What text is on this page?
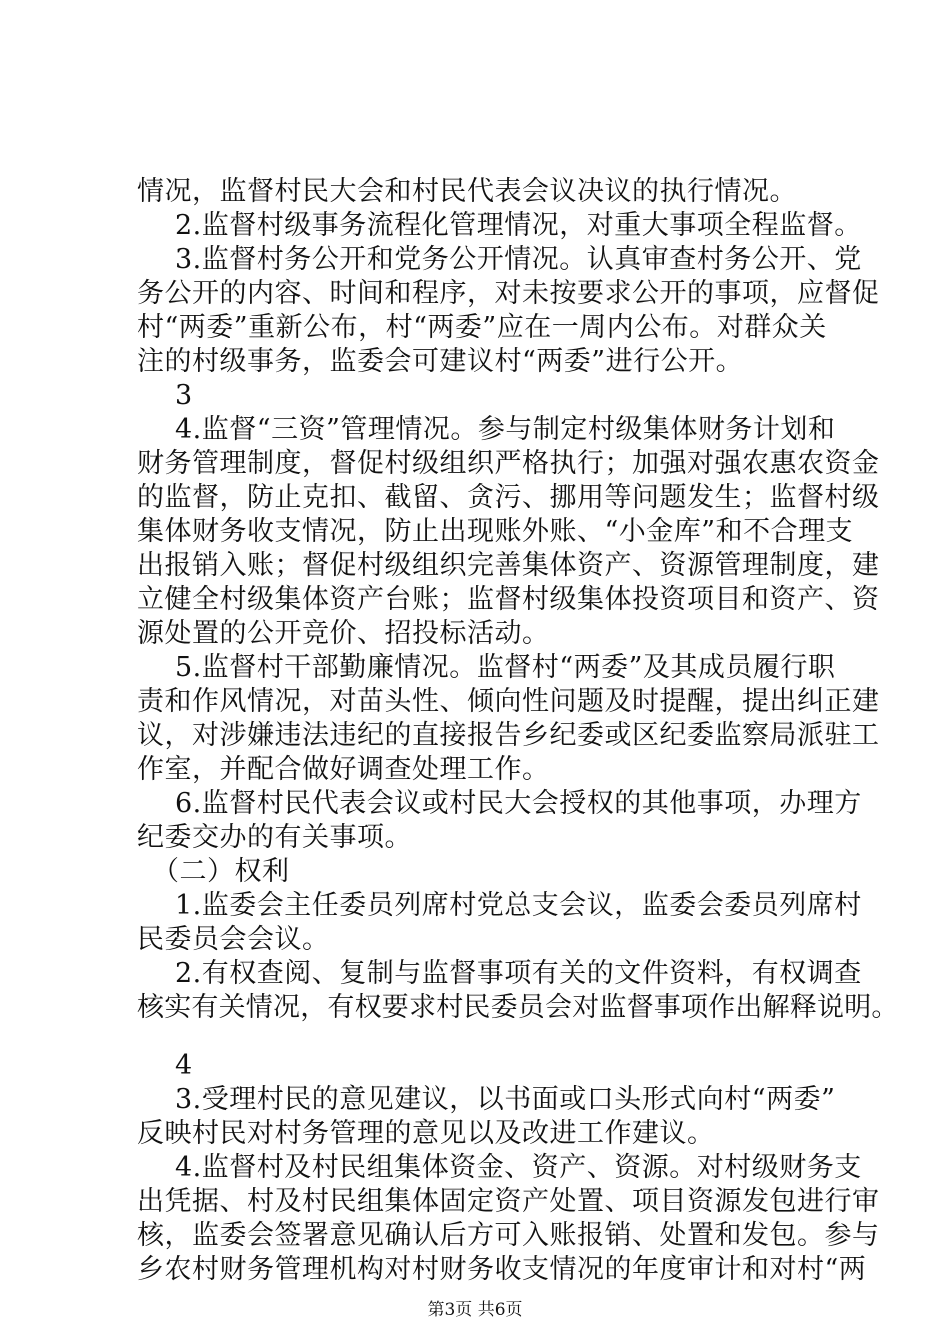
情况，监督村民大会和村民代表会议决议的执行情况。
2.监督村级事务流程化管理情况，对重大事项全程监督。
3.监督村务公开和党务公开情况。认真审查村务公开、党
务公开的内容、时间和程序，对未按要求公开的事项，应督促
村“两委”重新公布，村“两委”应在一周内公布。对群众关
注的村级事务，监委会可建议村“两委”进行公开。
3
4.监督“三资”管理情况。参与制定村级集体财务计划和
财务管理制度，督促村级组织严格执行；加强对强农惠农资金
的监督，防止克扣、截留、贪污、挪用等问题发生；监督村级
集体财务收支情况，防止出现账外账、“小金库”和不合理支
出报销入账；督促村级组织完善集体资产、资源管理制度，建
立健全村级集体资产台账；监督村级集体投资项目和资产、资
源处置的公开竞价、招投标活动。
5.监督村干部勤廉情况。监督村“两委”及其成员履行职
责和作风情况，对苗头性、倾向性问题及时提醒，提出纠正建
议，对涉嫌违法违纪的直接报告乡纪委或区纪委监察局派驻工
作室，并配合做好调查处理工作。
6.监督村民代表会议或村民大会授权的其他事项，办理方
纪委交办的有关事项。
（二）权利
1.监委会主任委员列席村党总支会议，监委会委员列席村
民委员会会议。
2.有权查阅、复制与监督事项有关的文件资料，有权调查
核实有关情况，有权要求村民委员会对监督事项作出解释说明。
4
3.受理村民的意见建议，以书面或口头形式向村“两委”
反映村民对村务管理的意见以及改进工作建议。
4.监督村及村民组集体资金、资产、资源。对村级财务支
出凭据、村及村民组集体固定资产处置、项目资源发包进行审
核，监委会签署意见确认后方可入账报销、处置和发包。参与
乡农村财务管理机构对村财务收支情况的年度审计和对村“两
第3页 共6页
